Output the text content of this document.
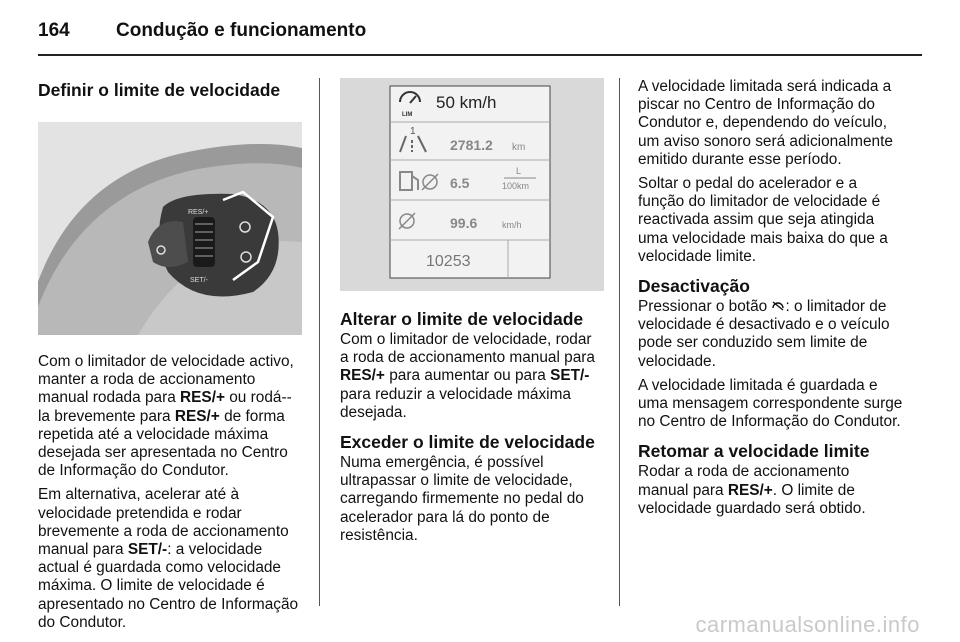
164 Condução e funcionamento
Definir o limite de velocidade
RES/+
SET/-

Com o limitador de velocidade activo, manter a roda de accionamento manual rodada para RES/+ ou rodá--la brevemente para RES/+ de forma repetida até a velocidade máxima desejada ser apresentada no Centro de Informação do Condutor.

Em alternativa, acelerar até à velocidade pretendida e rodar brevemente a roda de accionamento manual para SET/-: a velocidade actual é guardada como velocidade máxima. O limite de velocidade é apresentado no Centro de Informação do Condutor.

LIM
50 km/h
1
2781.2 km
6.5
L
100km
99.6	km/h
10253
Alterar o limite de velocidade

Com o limitador de velocidade, rodar a roda de accionamento manual para RES/+ para aumentar ou para SET/- para reduzir a velocidade máxima desejada.

Exceder o limite de velocidade

Numa emergência, é possível ultrapassar o limite de velocidade, carregando firmemente no pedal do acelerador para lá do ponto de resistência.

A velocidade limitada será indicada a piscar no Centro de Informação do Condutor e, dependendo do veículo, um aviso sonoro será adicionalmente emitido durante esse período.

Soltar o pedal do acelerador e a função do limitador de velocidade é reactivada assim que seja atingida uma velocidade mais baixa do que a velocidade limite.

Desactivação

Pressionar o botão : o limitador de velocidade é desactivado e o veículo pode ser conduzido sem limite de velocidade.

A velocidade limitada é guardada e uma mensagem correspondente surge no Centro de Informação do Condutor.

Retomar a velocidade limite

Rodar a roda de accionamento manual para RES/+. O limite de velocidade guardado será obtido.

carmanualsonline.info
